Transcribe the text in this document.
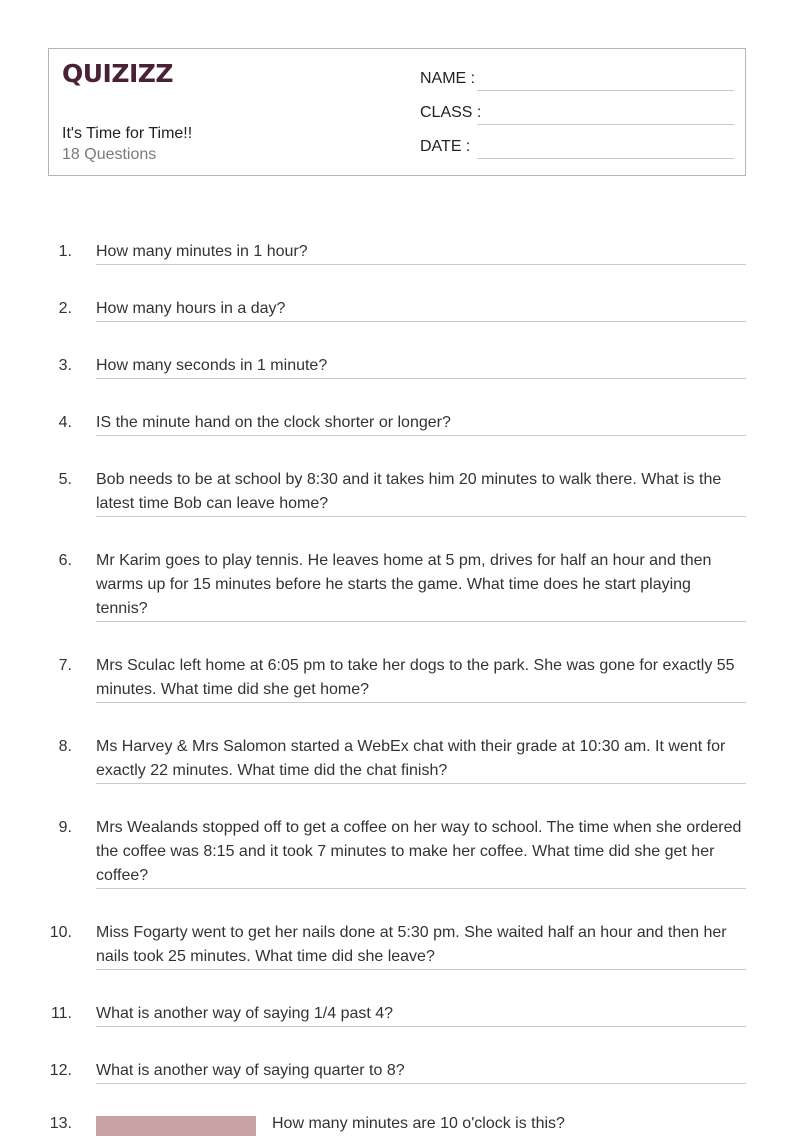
QUIZIZZ
It's Time for Time!!
18 Questions
NAME :
CLASS :
DATE :
1. How many minutes in 1 hour?
2. How many hours in a day?
3. How many seconds in 1 minute?
4. IS the minute hand on the clock shorter or longer?
5. Bob needs to be at school by 8:30 and it takes him 20 minutes to walk there. What is the latest time Bob can leave home?
6. Mr Karim goes to play tennis. He leaves home at 5 pm, drives for half an hour and then warms up for 15 minutes before he starts the game. What time does he start playing tennis?
7. Mrs Sculac left home at 6:05 pm to take her dogs to the park. She was gone for exactly 55 minutes. What time did she get home?
8. Ms Harvey & Mrs Salomon started a WebEx chat with their grade at 10:30 am. It went for exactly 22 minutes. What time did the chat finish?
9. Mrs Wealands stopped off to get a coffee on her way to school. The time when she ordered the coffee was 8:15 and it took 7 minutes to make her coffee. What time did she get her coffee?
10. Miss Fogarty went to get her nails done at 5:30 pm. She waited half an hour and then her nails took 25 minutes. What time did she leave?
11. What is another way of saying 1/4 past 4?
12. What is another way of saying quarter to 8?
13.	How many minutes are 10 o'clock is this?
